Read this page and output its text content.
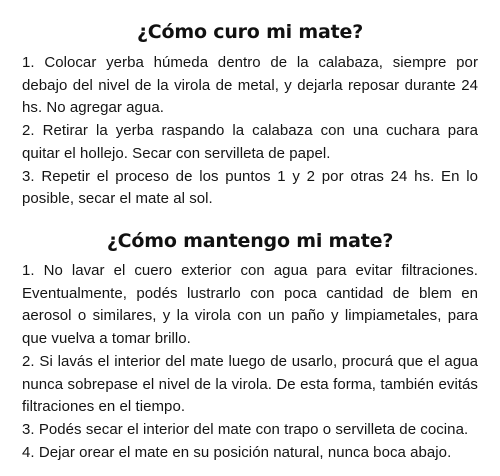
¿Cómo curo mi mate?

1. Colocar yerba húmeda dentro de la calabaza, siempre por debajo del nivel de la virola de metal, y dejarla reposar durante 24 hs. No agregar agua.

2. Retirar la yerba raspando la calabaza con una cuchara para quitar el hollejo. Secar con servilleta de papel.

3. Repetir el proceso de los puntos 1 y 2 por otras 24 hs. En lo posible, secar el mate al sol.

¿Cómo mantengo mi mate?

1. No lavar el cuero exterior con agua para evitar filtraciones. Eventualmente, podés lustrarlo con poca cantidad de blem en aerosol o similares, y la virola con un paño y limpiametales, para que vuelva a tomar brillo.

2. Si lavás el interior del mate luego de usarlo, procurá que el agua nunca sobrepase el nivel de la virola. De esta forma, también evitás filtraciones en el tiempo.

3. Podés secar el interior del mate con trapo o servilleta de cocina.

4. Dejar orear el mate en su posición natural, nunca boca abajo.
